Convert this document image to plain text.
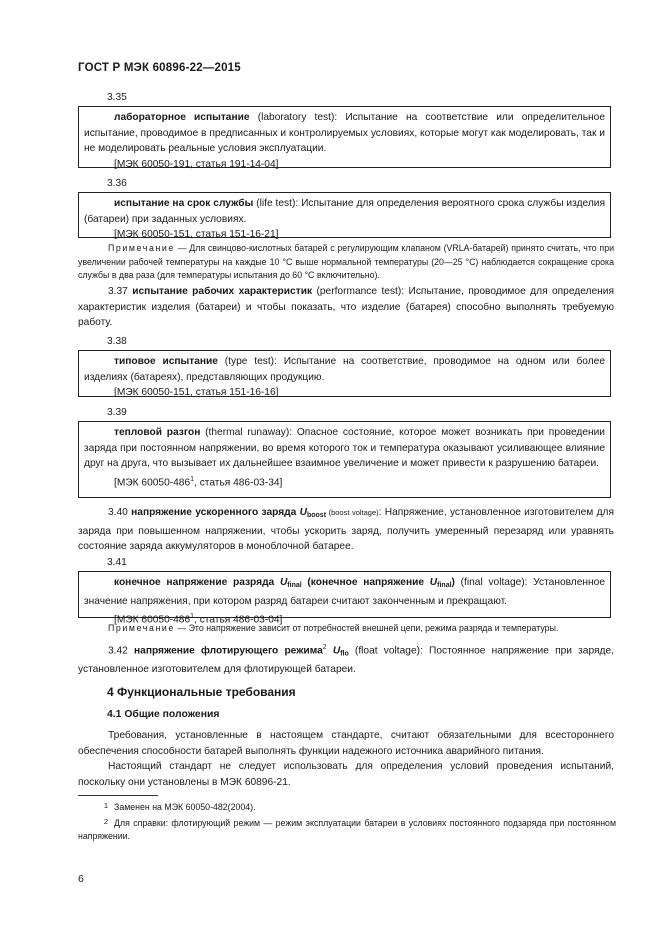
ГОСТ Р МЭК 60896-22—2015
3.35
лабораторное испытание (laboratory test): Испытание на соответствие или определительное испытание, проводимое в предписанных и контролируемых условиях, которые могут как моделировать, так и не моделировать реальные условия эксплуатации.
[МЭК 60050-191, статья 191-14-04]
3.36
испытание на срок службы (life test): Испытание для определения вероятного срока службы изделия (батареи) при заданных условиях.
[МЭК 60050-151, статья 151-16-21]
Примечание — Для свинцово-кислотных батарей с регулирующим клапаном (VRLA-батарей) принято считать, что при увеличении рабочей температуры на каждые 10 °С выше нормальной температуры (20—25 °С) наблюдается сокращение срока службы в два раза (для температуры испытания до 60 °С включительно).
3.37 испытание рабочих характеристик (performance test): Испытание, проводимое для определения характеристик изделия (батареи) и чтобы показать, что изделие (батарея) способно выполнять требуемую работу.
3.38
типовое испытание (type test): Испытание на соответствие, проводимое на одном или более изделиях (батареях), представляющих продукцию.
[МЭК 60050-151, статья 151-16-16]
3.39
тепловой разгон (thermal runaway): Опасное состояние, которое может возникать при проведении заряда при постоянном напряжении, во время которого ток и температура оказывают усиливающее влияние друг на друга, что вызывает их дальнейшее взаимное увеличение и может привести к разрушению батареи.
[МЭК $60050-486^1$, статья 486-03-34]
3.40 напряжение ускоренного заряда $U_{boost}$ (boost voltage): Напряжение, установленное изготовителем для заряда при повышенном напряжении, чтобы ускорить заряд, получить умеренный перезаряд или уравнять состояние заряда аккумуляторов в моноблочной батарее.
3.41
конечное напряжение разряда $U_{final}$ (конечное напряжение $U_{final}$) (final voltage): Установленное значение напряжения, при котором разряд батареи считают законченным и прекращают.
[МЭК $60050-486^1$, статья 486-03-04]
Примечание — Это напряжение зависит от потребностей внешней цепи, режима разряда и температуры.
3.42 напряжение флотирующего режима$^2$ $U_{flo}$ (float voltage): Постоянное напряжение при заряде, установленное изготовителем для флотирующей батареи.
4 Функциональные требования
4.1 Общие положения
Требования, установленные в настоящем стандарте, считают обязательными для всестороннего обеспечения способности батарей выполнять функции надежного источника аварийного питания.
Настоящий стандарт не следует использовать для определения условий проведения испытаний, поскольку они установлены в МЭК 60896-21.
1 Заменен на МЭК 60050-482(2004).
2 Для справки: флотирующий режим — режим эксплуатации батареи в условиях постоянного подзаряда при постоянном напряжении.
6
